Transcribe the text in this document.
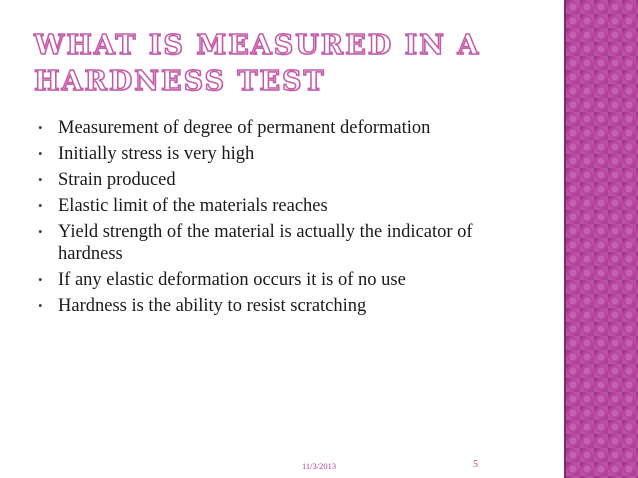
WHAT IS MEASURED IN A
HARDNESS TEST
• Measurement of degree of permanent deformation
• Initially stress is very high
• Strain produced
• Elastic limit of the materials reaches
• Yield strength of the material is actually the indicator of hardness
• If any elastic deformation occurs it is of no use
• Hardness is the ability to resist scratching
11/3/2013	5
